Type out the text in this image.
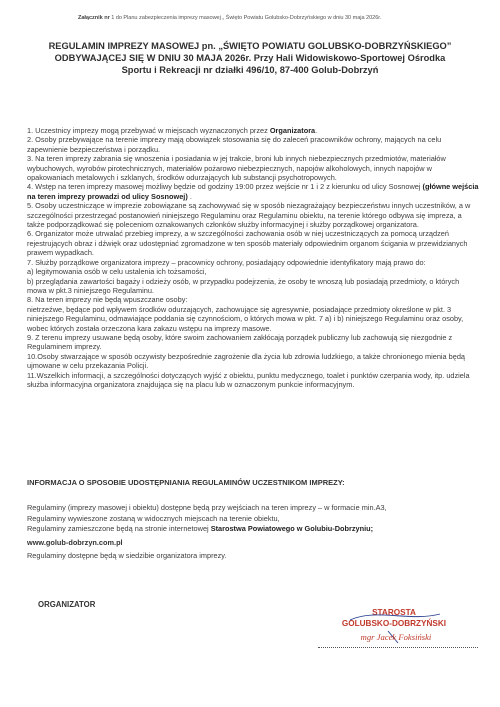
Załącznik nr 1 do Planu zabezpieczenia imprezy masowej „ Święto Powiatu Golubsko-Dobrzyńskiego w dniu 30 maja 2026r.
REGULAMIN IMPREZY MASOWEJ pn. „ŚWIĘTO POWIATU GOLUBSKO-DOBRZYŃSKIEGO”
ODBYWAJĄCEJ SIĘ W DNIU 30 MAJA 2026r. Przy Hali Widowiskowo-Sportowej Ośrodka
Sportu i Rekreacji nr działki 496/10, 87-400 Golub-Dobrzyń

1. Uczestnicy imprezy mogą przebywać w miejscach wyznaczonych przez Organizatora.

2. Osoby przebywające na terenie imprezy mają obowiązek stosowania się do zaleceń pracowników ochrony, mających na celu zapewnienie bezpieczeństwa i porządku.

3. Na teren imprezy zabrania się wnoszenia i posiadania w jej trakcie, broni lub innych niebezpiecznych przedmiotów, materiałów wybuchowych, wyrobów pirotechnicznych, materiałów pożarowo niebezpiecznych, napojów alkoholowych, innych napojów w opakowaniach metalowych i szklanych, środków odurzających lub substancji psychotropowych.

4. Wstęp na teren imprezy masowej możliwy będzie od godziny 19:00 przez wejście nr 1 i 2 z kierunku od ulicy Sosnowej (główne wejścia na teren imprezy prowadzi od ulicy Sosnowej) .

5. Osoby uczestniczące w imprezie zobowiązane są zachowywać się w sposób niezagrażający bezpieczeństwu innych uczestników, a w szczególności przestrzegać postanowień niniejszego Regulaminu oraz Regulaminu obiektu, na terenie którego odbywa się impreza, a także podporządkować się poleceniom oznakowanych członków służby informacyjnej i służby porządkowej organizatora.

6. Organizator może utrwalać przebieg imprezy, a w szczególności zachowania osób w niej uczestniczących za pomocą urządzeń rejestrujących obraz i dźwięk oraz udostępniać zgromadzone w ten sposób materiały odpowiednim organom ścigania w przewidzianych prawem wypadkach.

7. Służby porządkowe organizatora imprezy – pracownicy ochrony, posiadający odpowiednie identyfikatory mają prawo do:

a) legitymowania osób w celu ustalenia ich tożsamości,

b) przeglądania zawartości bagaży i odzieży osób, w przypadku podejrzenia, że osoby te wnoszą lub posiadają przedmioty, o których mowa w pkt.3 niniejszego Regulaminu.

8. Na teren imprezy nie będą wpuszczane osoby:

nietrzeźwe, będące pod wpływem środków odurzających, zachowujące się agresywnie, posiadające przedmioty określone w pkt. 3 niniejszego Regulaminu, odmawiające poddania się czynnościom, o których mowa w pkt. 7 a) i b) niniejszego Regulaminu oraz osoby, wobec których została orzeczona kara zakazu wstępu na imprezy masowe.

9. Z terenu imprezy usuwane będą osoby, które swoim zachowaniem zakłócają porządek publiczny lub zachowują się niezgodnie z Regulaminem imprezy.

10.Osoby stwarzające w sposób oczywisty bezpośrednie zagrożenie dla życia lub zdrowia ludzkiego, a także chronionego mienia będą ujmowane w celu przekazania Policji.

11.Wszelkich informacji, a szczególności dotyczących wyjść z obiektu, punktu medycznego, toalet i punktów czerpania wody, itp. udziela służba informacyjna organizatora znajdująca się na placu lub w oznaczonym punkcie informacyjnym.

INFORMACJA O SPOSOBIE UDOSTĘPNIANIA REGULAMINÓW UCZESTNIKOM IMPREZY:

Regulaminy (imprezy masowej i obiektu) dostępne będą przy wejściach na teren imprezy – w formacie min.A3,

Regulaminy wywieszone zostaną w widocznych miejscach na terenie obiektu,

Regulaminy zamieszczone będą na stronie internetowej Starostwa Powiatowego w Golubiu-Dobrzyniu;

www.golub-dobrzyn.com.pl

Regulaminy dostępne będą w siedzibie organizatora imprezy.

ORGANIZATOR
STAROSTA
GOLUBSKO-DOBRZYŃSKI
mgr Jacek Foksiński
